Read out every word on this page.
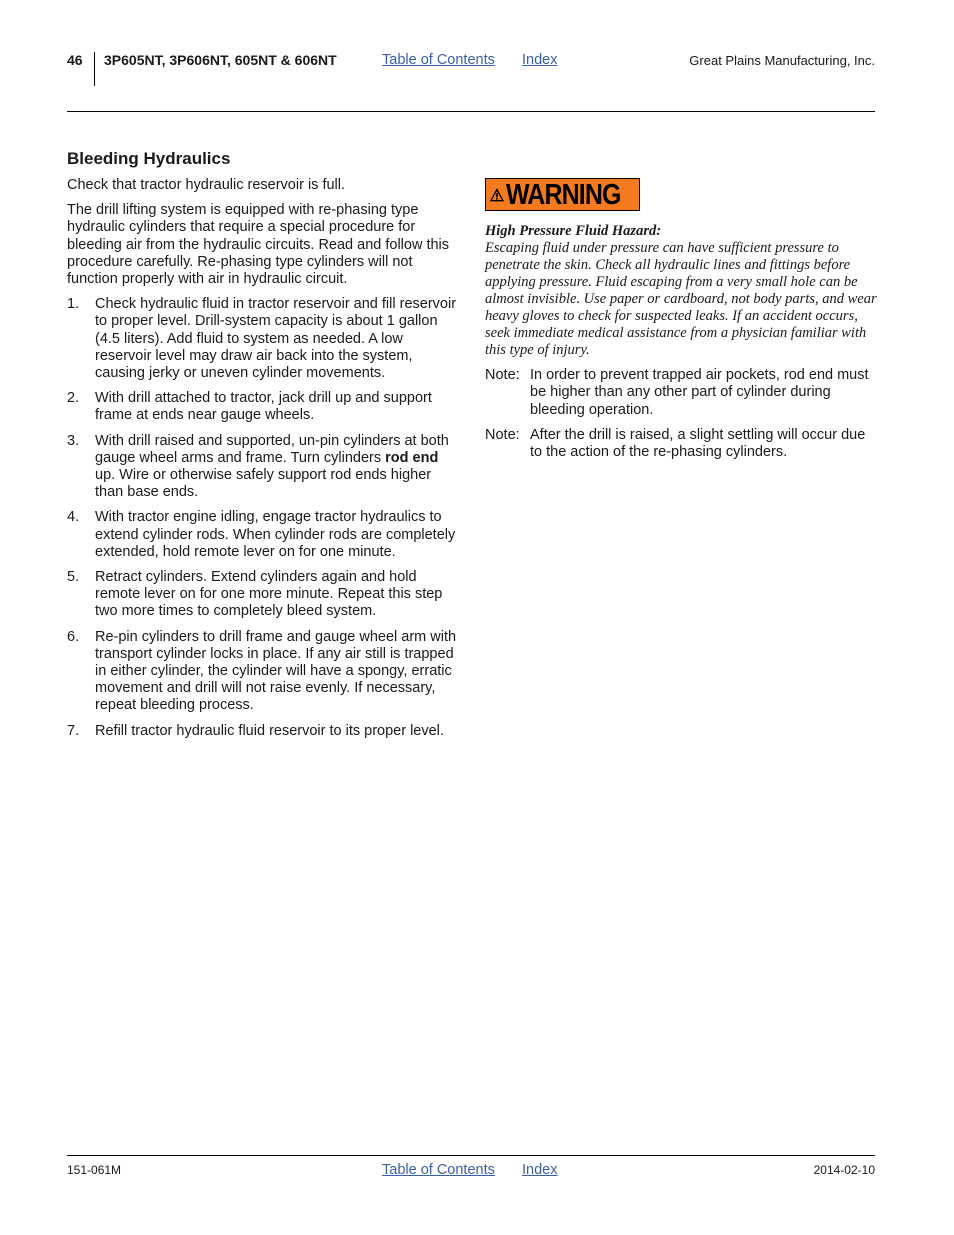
46 3P605NT, 3P606NT, 605NT & 606NT	Table of Contents Index	Great Plains Manufacturing, Inc.
Bleeding Hydraulics

Check that tractor hydraulic reservoir is full.

The drill lifting system is equipped with re-phasing type hydraulic cylinders that require a special procedure for bleeding air from the hydraulic circuits. Read and follow this procedure carefully. Re-phasing type cylinders will not function properly with air in hydraulic circuit.

1. Check hydraulic fluid in tractor reservoir and fill reservoir to proper level. Drill-system capacity is about 1 gallon (4.5 liters). Add fluid to system as needed. A low reservoir level may draw air back into the system, causing jerky or uneven cylinder movements.
2. With drill attached to tractor, jack drill up and support frame at ends near gauge wheels.
3. With drill raised and supported, un-pin cylinders at both gauge wheel arms and frame. Turn cylinders rod end up. Wire or otherwise safely support rod ends higher than base ends.
4. With tractor engine idling, engage tractor hydraulics to extend cylinder rods. When cylinder rods are completely extended, hold remote lever on for one minute.
5. Retract cylinders. Extend cylinders again and hold remote lever on for one more minute. Repeat this step two more times to completely bleed system.
6. Re-pin cylinders to drill frame and gauge wheel arm with transport cylinder locks in place. If any air still is trapped in either cylinder, the cylinder will have a spongy, erratic movement and drill will not raise evenly. If necessary, repeat bleeding process.
7. Refill tractor hydraulic fluid reservoir to its proper level.
WARNING

High Pressure Fluid Hazard:

Escaping fluid under pressure can have sufficient pressure to penetrate the skin. Check all hydraulic lines and fittings before applying pressure. Fluid escaping from a very small hole can be almost invisible. Use paper or cardboard, not body parts, and wear heavy gloves to check for suspected leaks. If an accident occurs, seek immediate medical assistance from a physician familiar with this type of injury.

Note: In order to prevent trapped air pockets, rod end must be higher than any other part of cylinder during bleeding operation.
Note: After the drill is raised, a slight settling will occur due to the action of the re-phasing cylinders.
151-061M	Table of Contents Index	2014-02-10
